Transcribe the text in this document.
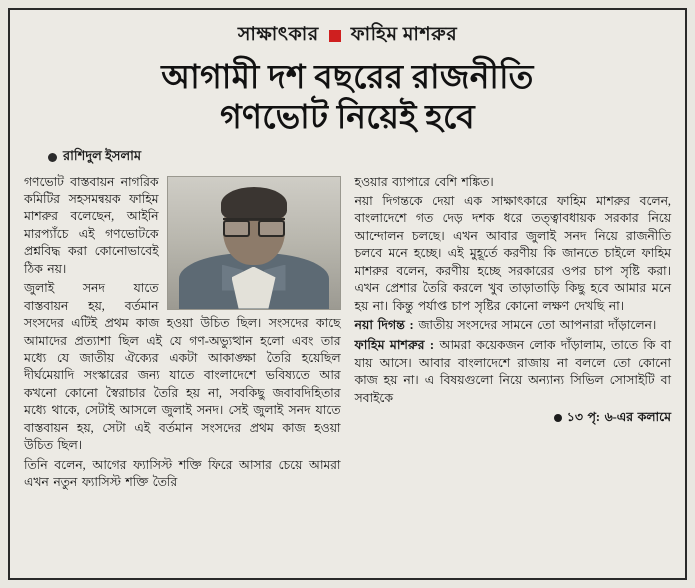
সাক্ষাৎকার ফাহিম মাশরুর
আগামী দশ বছরের রাজনীতি
গণভোট নিয়েই হবে
রাশিদুল ইসলাম

গণভোট বাস্তবায়ন নাগরিক কমিটির সহসমন্বয়ক ফাহিম মাশরুর বলেছেন, আইনি মারপ্যাঁচে এই গণভোটকে প্রশ্নবিদ্ধ করা কোনোভাবেই ঠিক নয়।

জুলাই সনদ যাতে বাস্তবায়ন হয়, বর্তমান সংসদের এটিই প্রথম কাজ হওয়া উচিত ছিল। সংসদের কাছে আমাদের প্রত্যাশা ছিল এই যে গণ-অভ্যুত্থান হলো এবং তার মধ্যে যে জাতীয় ঐক্যের একটা আকাঙ্ক্ষা তৈরি হয়েছিল দীর্ঘমেয়াদি সংস্কারের জন্য যাতে বাংলাদেশে ভবিষ্যতে আর কখনো কোনো স্বৈরাচার তৈরি হয় না, সবকিছু জবাবদিহিতার মধ্যে থাকে, সেটাই আসলে জুলাই সনদ। সেই জুলাই সনদ যাতে বাস্তবায়ন হয়, সেটা এই বর্তমান সংসদের প্রথম কাজ হওয়া উচিত ছিল।

তিনি বলেন, আগের ফ্যাসিস্ট শক্তি ফিরে আসার চেয়ে আমরা এখন নতুন ফ্যাসিস্ট শক্তি তৈরি

হওয়ার ব্যাপারে বেশি শঙ্কিত।

নয়া দিগন্তকে দেয়া এক সাক্ষাৎকারে ফাহিম মাশরুর বলেন, বাংলাদেশে গত দেড় দশক ধরে তত্ত্বাবধায়ক সরকার নিয়ে আন্দোলন চলছে। এখন আবার জুলাই সনদ নিয়ে রাজনীতি চলবে মনে হচ্ছে। এই মুহূর্তে করণীয় কি জানতে চাইলে ফাহিম মাশরুর বলেন, করণীয় হচ্ছে সরকারের ওপর চাপ সৃষ্টি করা। এখন প্রেশার তৈরি করলে খুব তাড়াতাড়ি কিছু হবে আমার মনে হয় না। কিন্তু পর্যাপ্ত চাপ সৃষ্টির কোনো লক্ষণ দেখছি না।

নয়া দিগন্ত : জাতীয় সংসদের সামনে তো আপনারা দাঁড়ালেন।

ফাহিম মাশরুর : আমরা কয়েকজন লোক দাঁড়ালাম, তাতে কি বা যায় আসে। আবার বাংলাদেশে রাজায় না বললে তো কোনো কাজ হয় না। এ বিষয়গুলো নিয়ে অন্যান্য সিভিল সোসাইটি বা সবাইকে

১৩ পৃ: ৬-এর কলামে
